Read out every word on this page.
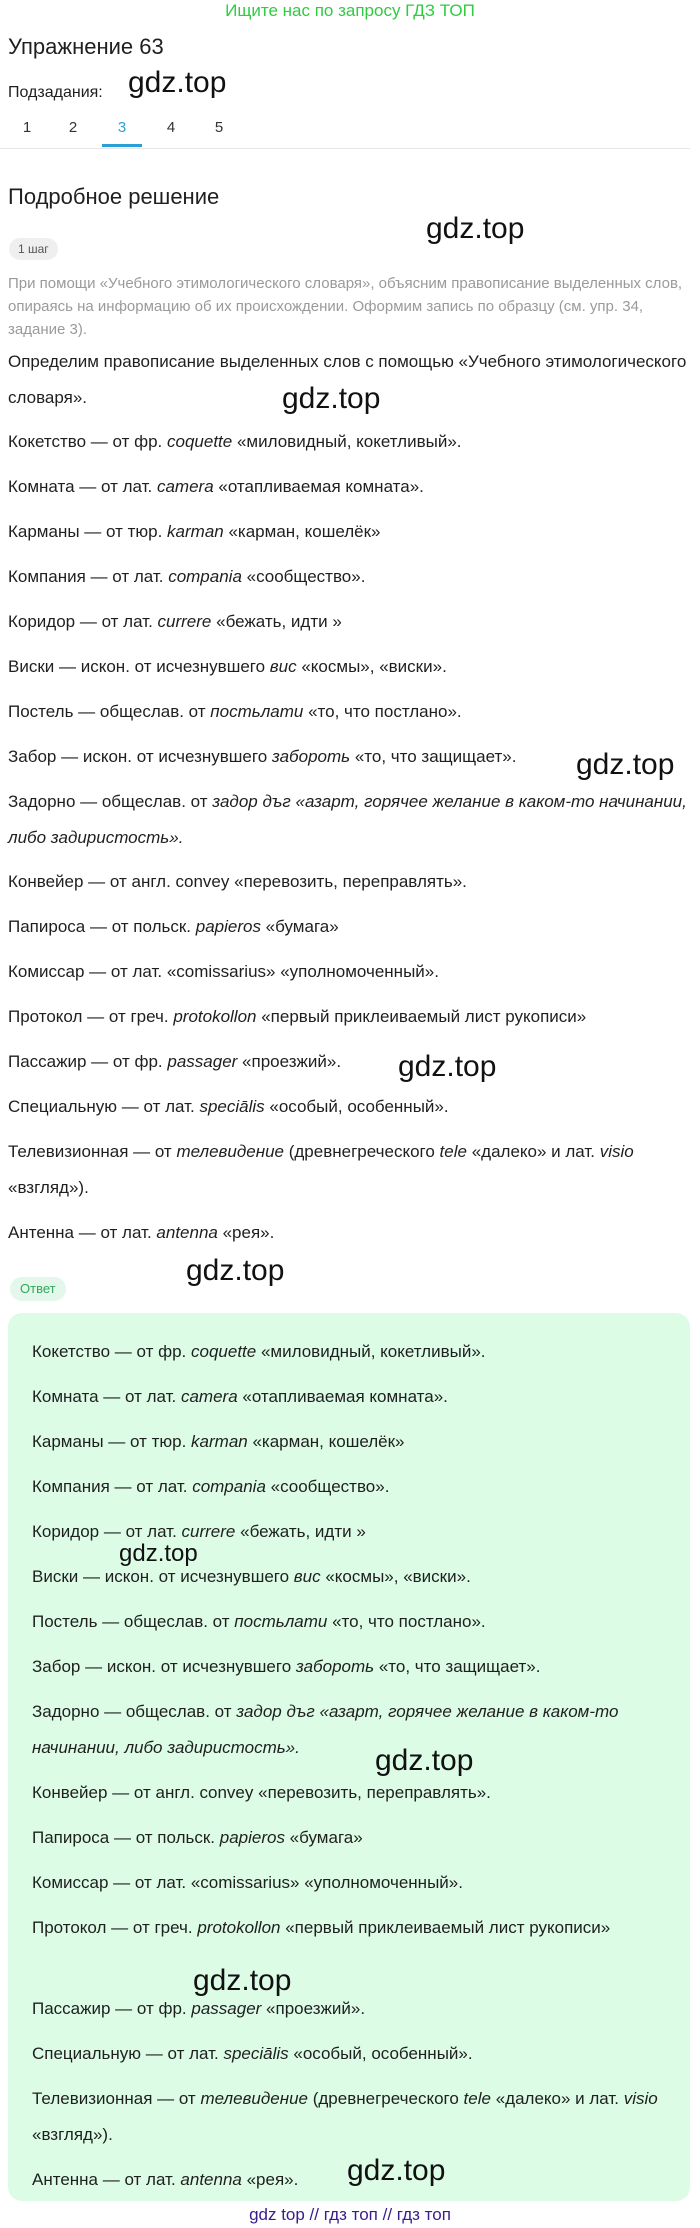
Ищите нас по запросу ГДЗ ТОП
Упражнение 63
Подзадания:
1	2	3	4	5
Подробное решение
1 шаг
При помощи «Учебного этимологического словаря», объясним правописание выделенных слов, опираясь на информацию об их происхождении. Оформим запись по образцу (см. упр. 34, задание 3).
Определим правописание выделенных слов с помощью «Учебного этимологического словаря».
Кокетство — от фр. coquette «миловидный, кокетливый».
Комната — от лат. camera «отапливаемая комната».
Карманы — от тюр. karman «карман, кошелёк»
Компания — от лат. compania «сообщество».
Коридор — от лат. currere «бежать, идти »
Виски — искон. от исчезнувшего вис «космы», «виски».
Постель — общеслав. от постьлати «то, что постлано».
Забор — искон. от исчезнувшего забороть «то, что защищает».
Задорно — общеслав. от задор дъг «азарт, горячее желание в каком-то начинании, либо задиристость».
Конвейер — от англ. convey «перевозить, переправлять».
Папироса — от польск. papieros «бумага»
Комиссар — от лат. «comissarius» «уполномоченный».
Протокол — от греч. protokollon «первый приклеиваемый лист рукописи»
Пассажир — от фр. passager «проезжий».
Специальную — от лат. speciālis «особый, особенный».
Телевизионная — от телевидение (древнегреческого tele «далеко» и лат. visio «взгляд»).
Антенна — от лат. antenna «рея».
Ответ
Кокетство — от фр. coquette «миловидный, кокетливый».
Комната — от лат. camera «отапливаемая комната».
Карманы — от тюр. karman «карман, кошелёк»
Компания — от лат. compania «сообщество».
Коридор — от лат. currere «бежать, идти »
Виски — искон. от исчезнувшего вис «космы», «виски».
Постель — общеслав. от постьлати «то, что постлано».
Забор — искон. от исчезнувшего забороть «то, что защищает».
Задорно — общеслав. от задор дъг «азарт, горячее желание в каком-то начинании, либо задиристость».
Конвейер — от англ. convey «перевозить, переправлять».
Папироса — от польск. papieros «бумага»
Комиссар — от лат. «comissarius» «уполномоченный».
Протокол — от греч. protokollon «первый приклеиваемый лист рукописи»
Пассажир — от фр. passager «проезжий».
Специальную — от лат. speciālis «особый, особенный».
Телевизионная — от телевидение (древнегреческого tele «далеко» и лат. visio «взгляд»).
Антенна — от лат. antenna «рея».
gdz.top
gdz.top
gdz.top
gdz.top
gdz.top
gdz.top
gdz.top
gdz.top
gdz.top
gdz.top
gdz top // гдз топ // гдз топ
